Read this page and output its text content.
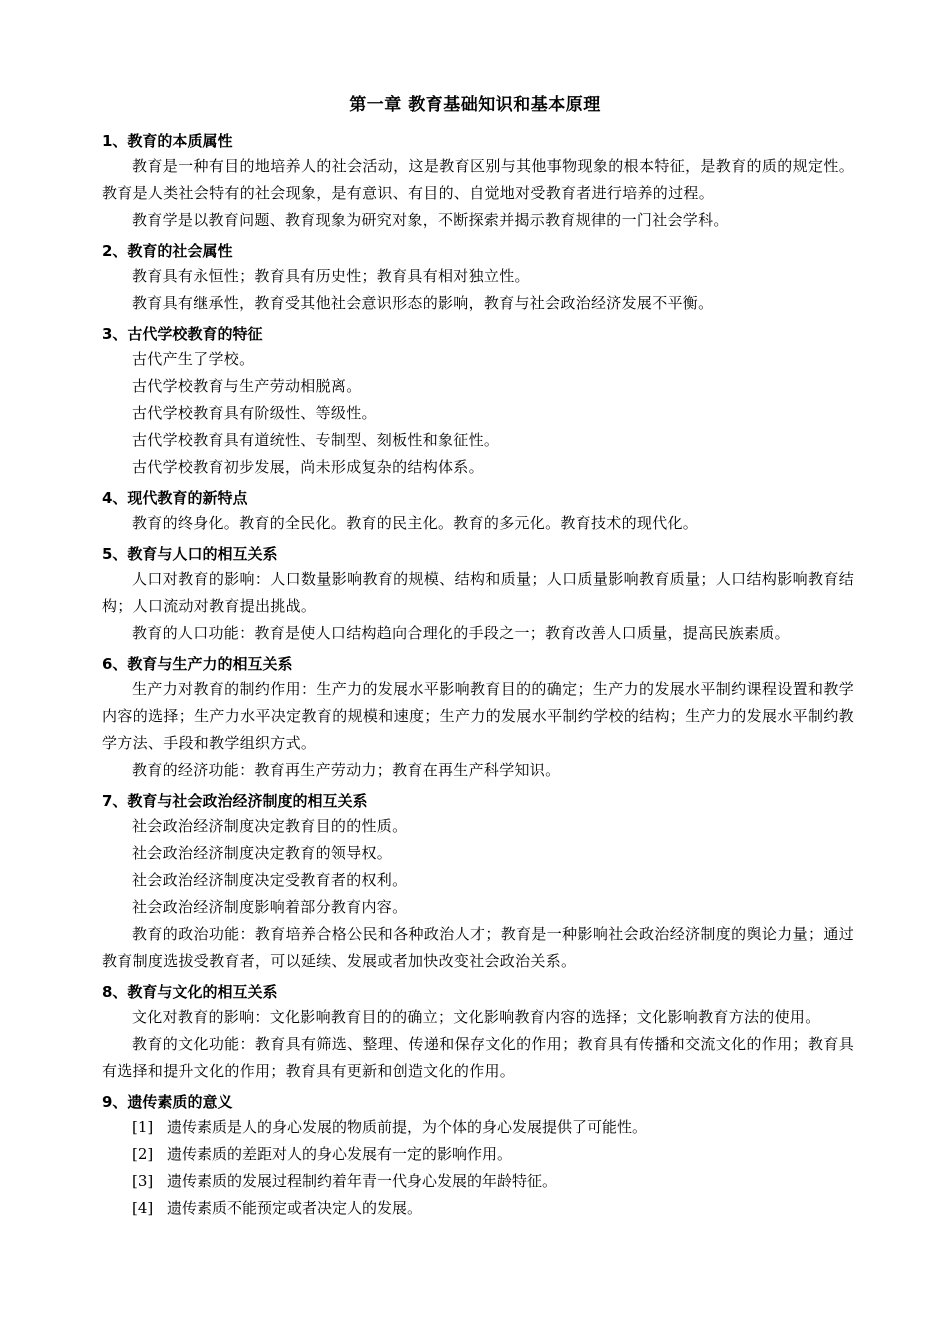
第一章 教育基础知识和基本原理
1、教育的本质属性
教育是一种有目的地培养人的社会活动，这是教育区别与其他事物现象的根本特征，是教育的质的规定性。教育是人类社会特有的社会现象，是有意识、有目的、自觉地对受教育者进行培养的过程。
教育学是以教育问题、教育现象为研究对象，不断探索并揭示教育规律的一门社会学科。
2、教育的社会属性
教育具有永恒性；教育具有历史性；教育具有相对独立性。
教育具有继承性，教育受其他社会意识形态的影响，教育与社会政治经济发展不平衡。
3、古代学校教育的特征
古代产生了学校。
古代学校教育与生产劳动相脱离。
古代学校教育具有阶级性、等级性。
古代学校教育具有道统性、专制型、刻板性和象征性。
古代学校教育初步发展，尚未形成复杂的结构体系。
4、现代教育的新特点
教育的终身化。教育的全民化。教育的民主化。教育的多元化。教育技术的现代化。
5、教育与人口的相互关系
人口对教育的影响：人口数量影响教育的规模、结构和质量；人口质量影响教育质量；人口结构影响教育结构；人口流动对教育提出挑战。
教育的人口功能：教育是使人口结构趋向合理化的手段之一；教育改善人口质量，提高民族素质。
6、教育与生产力的相互关系
生产力对教育的制约作用：生产力的发展水平影响教育目的的确定；生产力的发展水平制约课程设置和教学内容的选择；生产力水平决定教育的规模和速度；生产力的发展水平制约学校的结构；生产力的发展水平制约教学方法、手段和教学组织方式。
教育的经济功能：教育再生产劳动力；教育在再生产科学知识。
7、教育与社会政治经济制度的相互关系
社会政治经济制度决定教育目的的性质。
社会政治经济制度决定教育的领导权。
社会政治经济制度决定受教育者的权利。
社会政治经济制度影响着部分教育内容。
教育的政治功能：教育培养合格公民和各种政治人才；教育是一种影响社会政治经济制度的舆论力量；通过教育制度选拔受教育者，可以延续、发展或者加快改变社会政治关系。
8、教育与文化的相互关系
文化对教育的影响：文化影响教育目的的确立；文化影响教育内容的选择；文化影响教育方法的使用。
教育的文化功能：教育具有筛选、整理、传递和保存文化的作用；教育具有传播和交流文化的作用；教育具有选择和提升文化的作用；教育具有更新和创造文化的作用。
9、遗传素质的意义
[1] 遗传素质是人的身心发展的物质前提，为个体的身心发展提供了可能性。
[2] 遗传素质的差距对人的身心发展有一定的影响作用。
[3] 遗传素质的发展过程制约着年青一代身心发展的年龄特征。
[4] 遗传素质不能预定或者决定人的发展。
